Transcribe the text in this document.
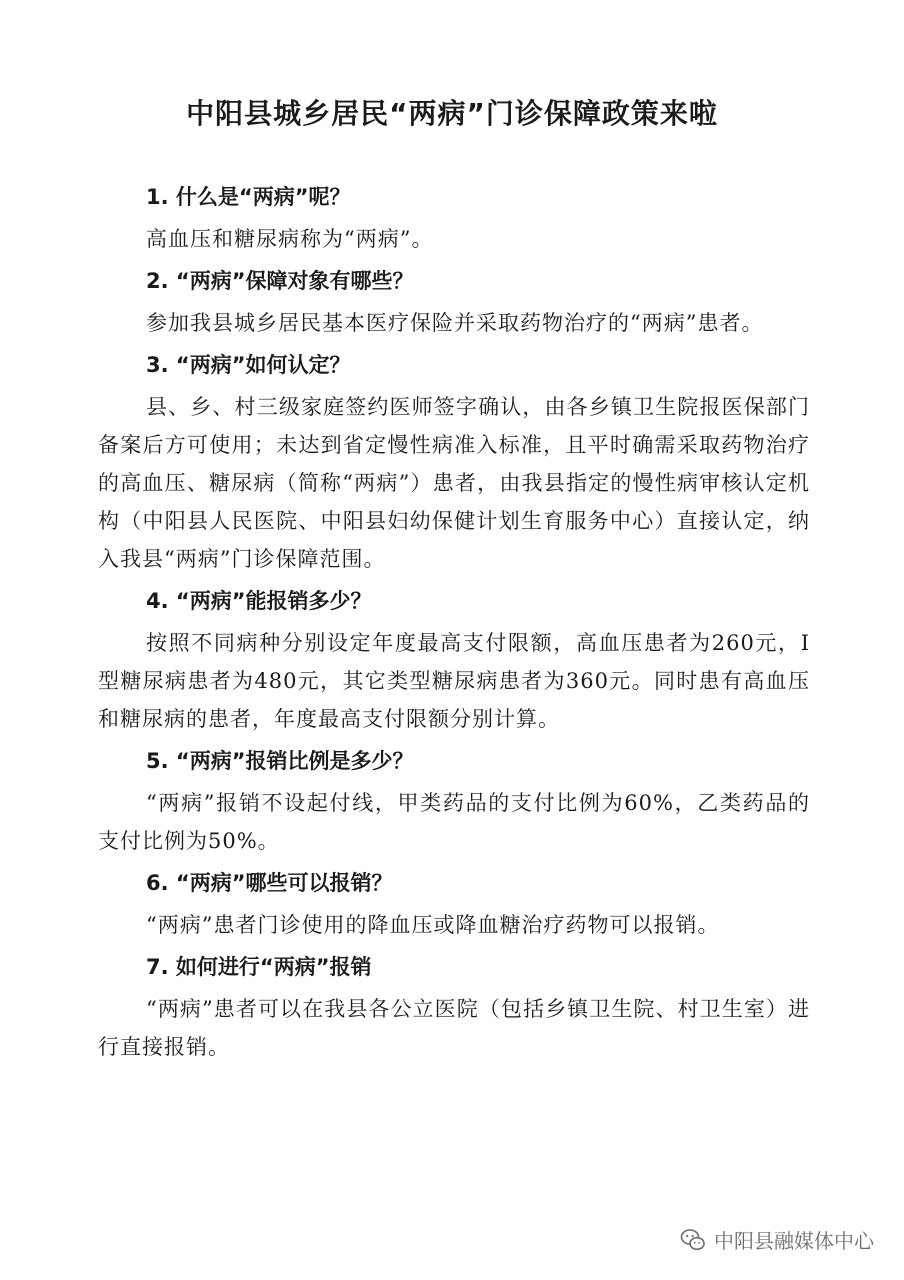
中阳县城乡居民“两病”门诊保障政策来啦

1. 什么是“两病”呢？

高血压和糖尿病称为“两病”。

2. “两病”保障对象有哪些？

参加我县城乡居民基本医疗保险并采取药物治疗的“两病”患者。

3. “两病”如何认定？

县、乡、村三级家庭签约医师签字确认，由各乡镇卫生院报医保部门备案后方可使用；未达到省定慢性病准入标准，且平时确需采取药物治疗的高血压、糖尿病（简称“两病”）患者，由我县指定的慢性病审核认定机构（中阳县人民医院、中阳县妇幼保健计划生育服务中心）直接认定，纳入我县“两病”门诊保障范围。

4. “两病”能报销多少？

按照不同病种分别设定年度最高支付限额，高血压患者为260元，I型糖尿病患者为480元，其它类型糖尿病患者为360元。同时患有高血压和糖尿病的患者，年度最高支付限额分别计算。

5. “两病”报销比例是多少？

“两病”报销不设起付线，甲类药品的支付比例为60%，乙类药品的支付比例为50%。

6. “两病”哪些可以报销？

“两病”患者门诊使用的降血压或降血糖治疗药物可以报销。

7. 如何进行“两病”报销

“两病”患者可以在我县各公立医院（包括乡镇卫生院、村卫生室）进行直接报销。

中阳县融媒体中心
